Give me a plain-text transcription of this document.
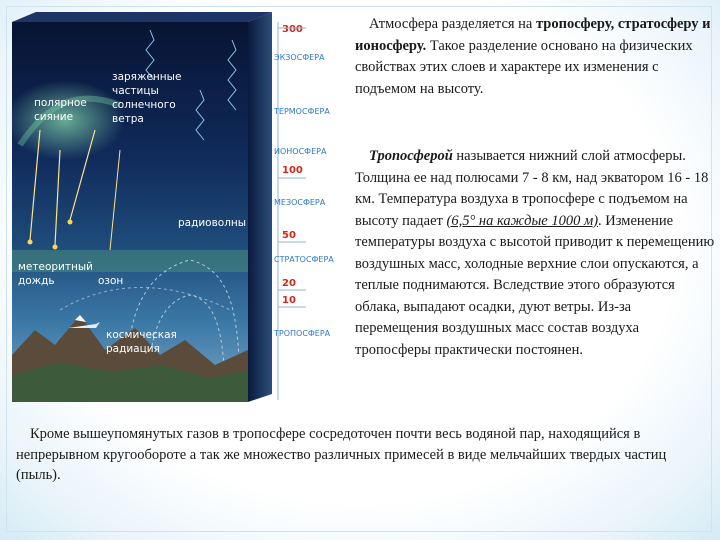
заряженные
частицы
солнечного
ветра
полярное
сияние
радиоволны
метеоритный
дождь	озон
космическая
радиация
300
100
50
20
10
ЭКЗОСФЕРА
ТЕРМОСФЕРА
ИОНОСФЕРА
МЕЗОСФЕРА
СТРАТОСФЕРА
ТРОПОСФЕРА

Атмосфера разделяется на тропосферу, стратосферу и ионосферу. Такое разделение основано на физических свойствах этих слоев и характере их изменения с подъемом на высоту.

Тропосферой называется нижний слой атмосферы. Толщина ее над полюсами 7 - 8 км, над экватором 16 - 18 км. Температура воздуха в тропосфере с подъемом на высоту падает (6,5° на каждые 1000 м). Изменение температуры воздуха с высотой приводит к перемещению воздушных масс, холодные верхние слои опускаются, а теплые поднимаются. Вследствие этого образуются облака, выпадают осадки, дуют ветры. Из-за перемещения воздушных масс состав воздуха тропосферы практически постоянен.

Кроме вышеупомянутых газов в тропосфере сосредоточен почти весь водяной пар, находящийся в непрерывном кругообороте а так же множество различных примесей в виде мельчайших твердых частиц (пыль).
